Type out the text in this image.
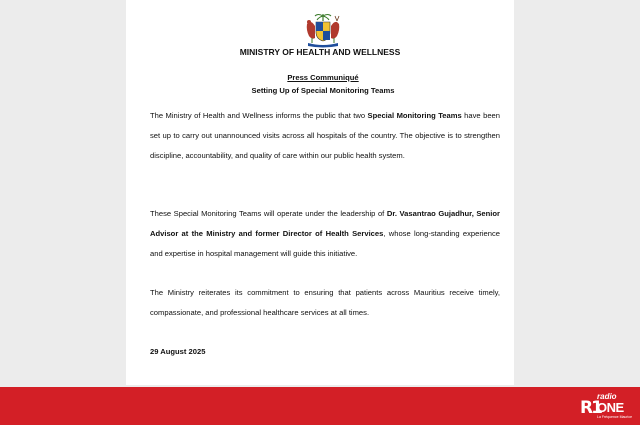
MINISTRY OF HEALTH AND WELLNESS
Press Communiqué
Setting Up of Special Monitoring Teams
The Ministry of Health and Wellness informs the public that two Special Monitoring Teams have been set up to carry out unannounced visits across all hospitals of the country. The objective is to strengthen discipline, accountability, and quality of care within our public health system.
These Special Monitoring Teams will operate under the leadership of Dr. Vasantrao Gujadhur, Senior Advisor at the Ministry and former Director of Health Services, whose long-standing experience and expertise in hospital management will guide this initiative.
The Ministry reiterates its commitment to ensuring that patients across Mauritius receive timely, compassionate, and professional healthcare services at all times.
29 August 2025
R1
radio
ONE
La Fréquence Maurice
